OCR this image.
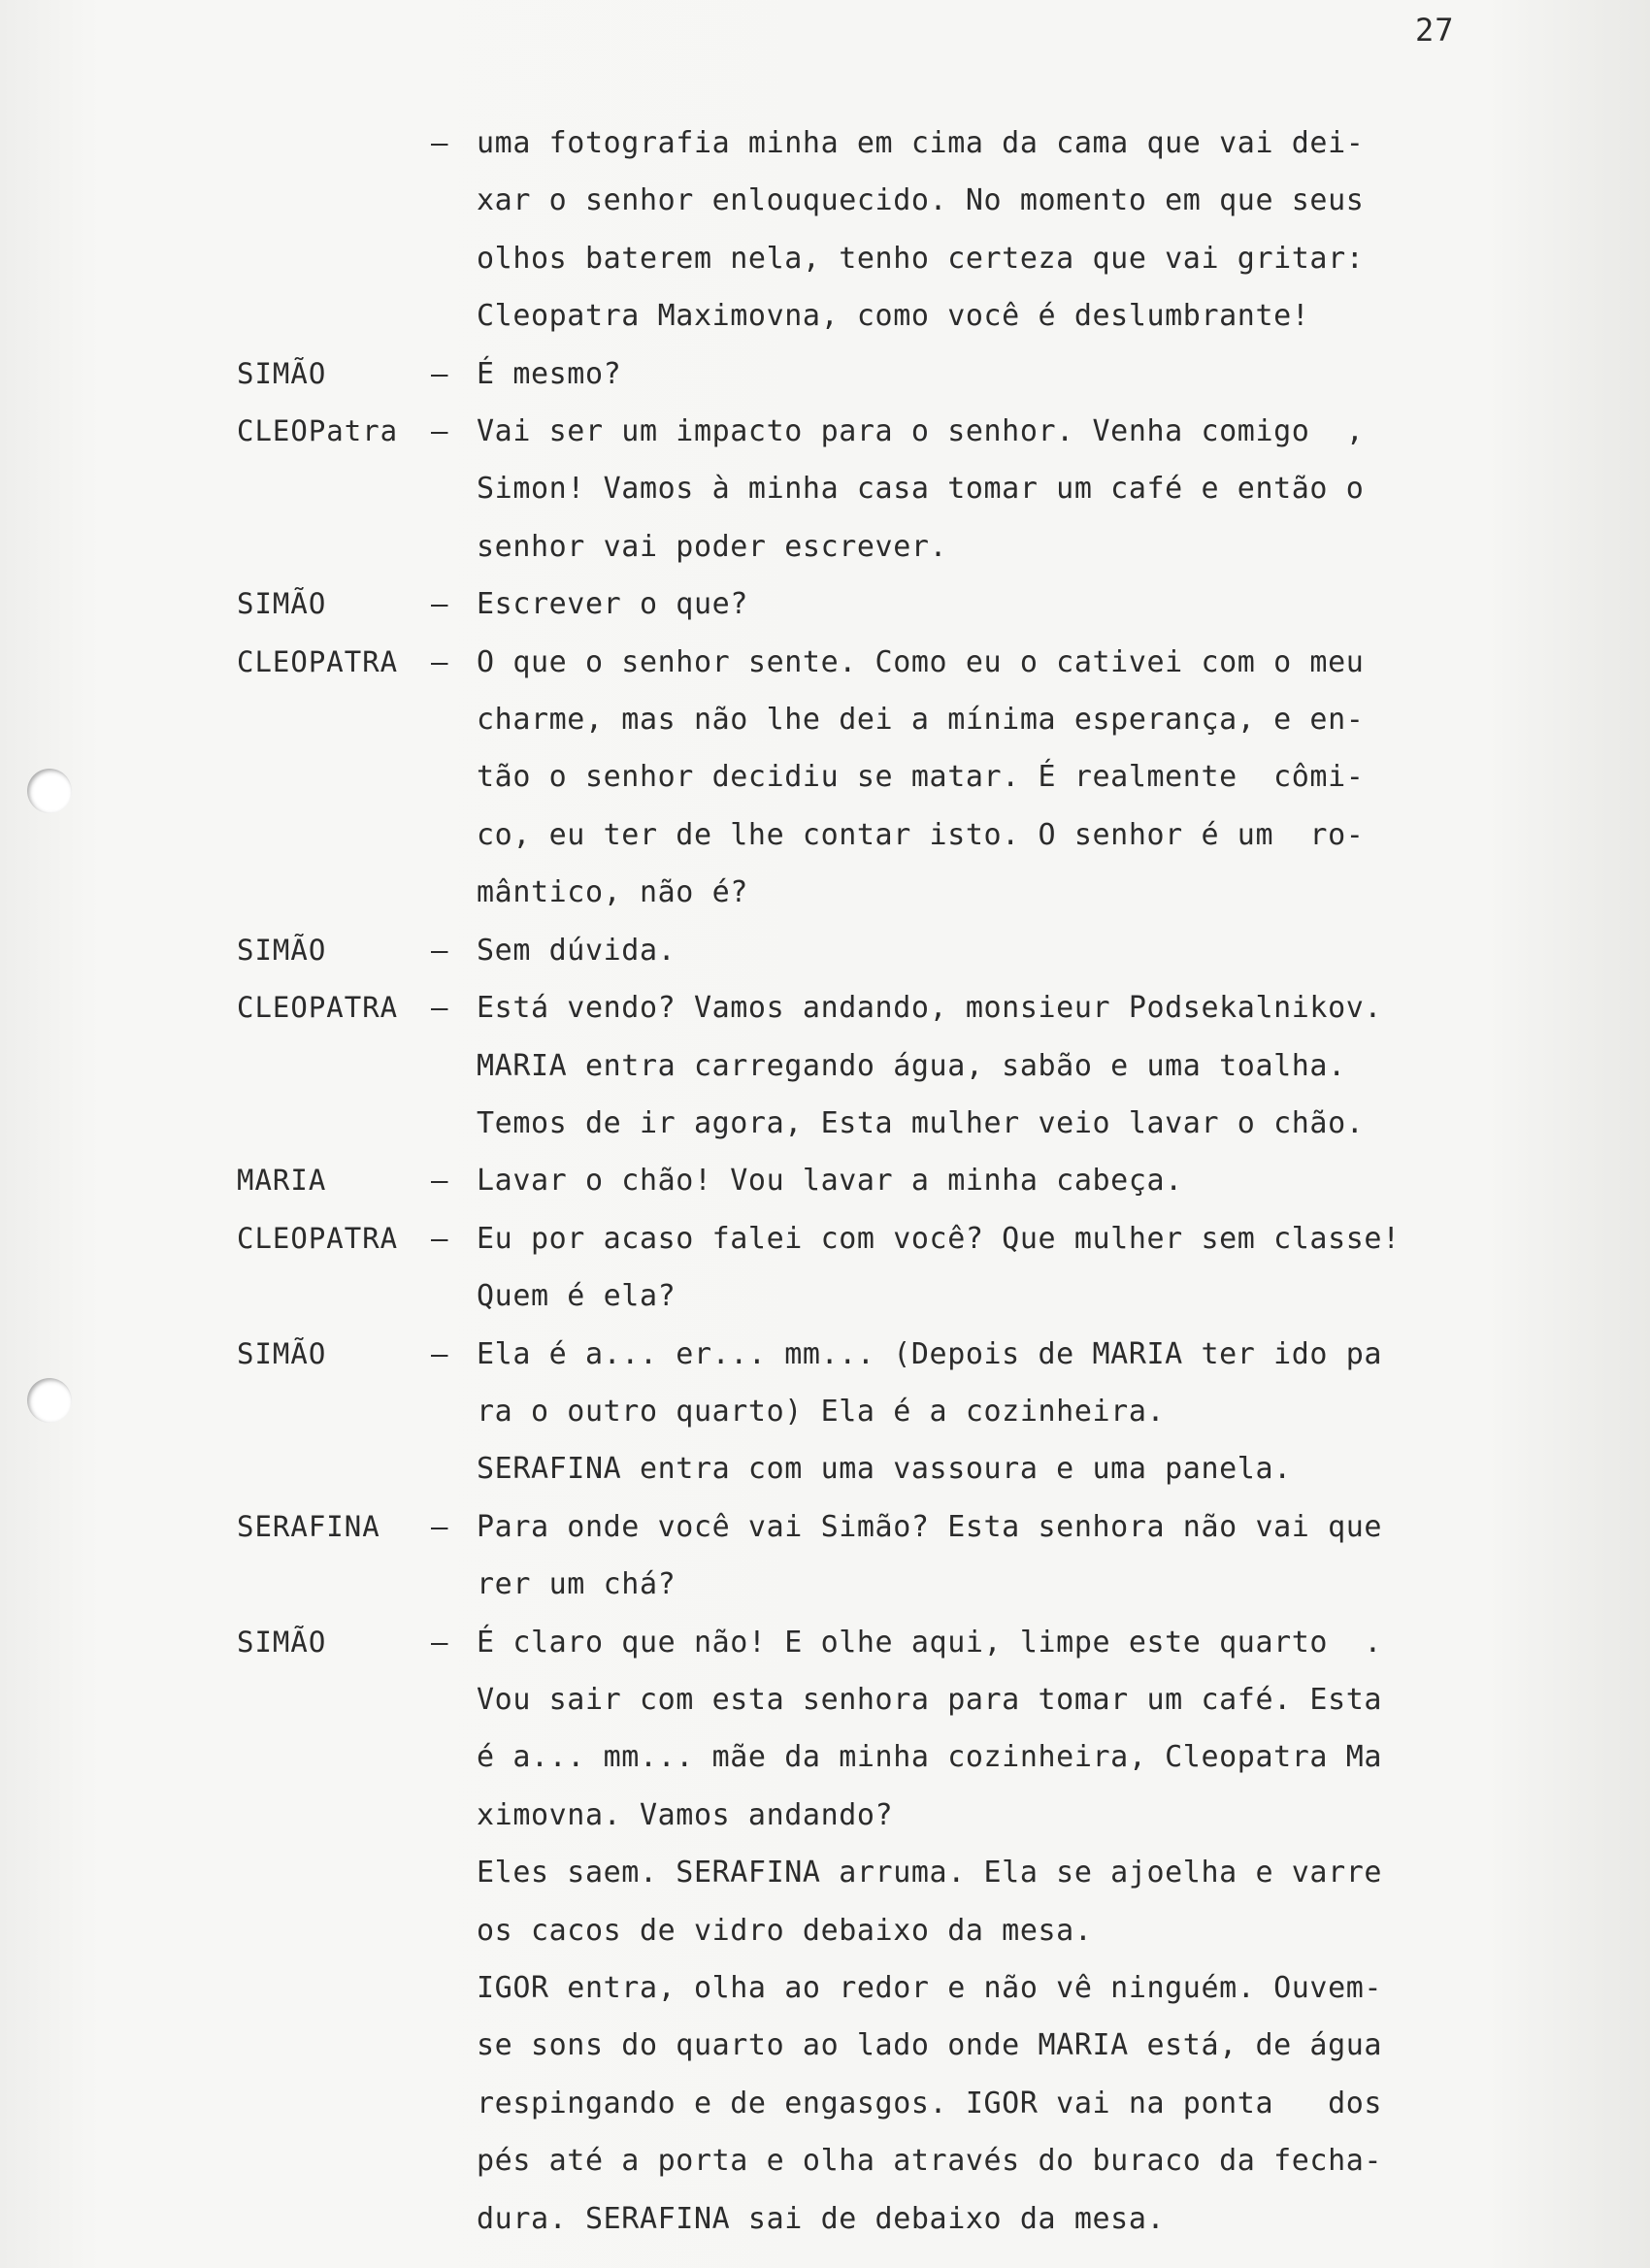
27
– uma fotografia minha em cima da cama que vai dei-
xar o senhor enlouquecido. No momento em que seus
olhos baterem nela, tenho certeza que vai gritar:
Cleopatra Maximovna, como você é deslumbrante!
SIMÃO	– É mesmo?
CLEOPatra	– Vai ser um impacto para o senhor. Venha comigo  ,
Simon! Vamos à minha casa tomar um café e então o
senhor vai poder escrever.
SIMÃO	– Escrever o que?
CLEOPATRA	– O que o senhor sente. Como eu o cativei com o meu
charme, mas não lhe dei a mínima esperança, e en-
tão o senhor decidiu se matar. É realmente  cômi-
co, eu ter de lhe contar isto. O senhor é um  ro-
mântico, não é?
SIMÃO	– Sem dúvida.
CLEOPATRA	– Está vendo? Vamos andando, monsieur Podsekalnikov.
MARIA entra carregando água, sabão e uma toalha.
Temos de ir agora, Esta mulher veio lavar o chão.
MARIA	– Lavar o chão! Vou lavar a minha cabeça.
CLEOPATRA	– Eu por acaso falei com você? Que mulher sem classe!
Quem é ela?
SIMÃO	– Ela é a... er... mm... (Depois de MARIA ter ido pa
ra o outro quarto) Ela é a cozinheira.
SERAFINA entra com uma vassoura e uma panela.
SERAFINA	– Para onde você vai Simão? Esta senhora não vai que
rer um chá?
SIMÃO	– É claro que não! E olhe aqui, limpe este quarto  .
Vou sair com esta senhora para tomar um café. Esta
é a... mm... mãe da minha cozinheira, Cleopatra Ma
ximovna. Vamos andando?
Eles saem. SERAFINA arruma. Ela se ajoelha e varre
os cacos de vidro debaixo da mesa.
IGOR entra, olha ao redor e não vê ninguém. Ouvem-
se sons do quarto ao lado onde MARIA está, de água
respingando e de engasgos. IGOR vai na ponta   dos
pés até a porta e olha através do buraco da fecha-
dura. SERAFINA sai de debaixo da mesa.
